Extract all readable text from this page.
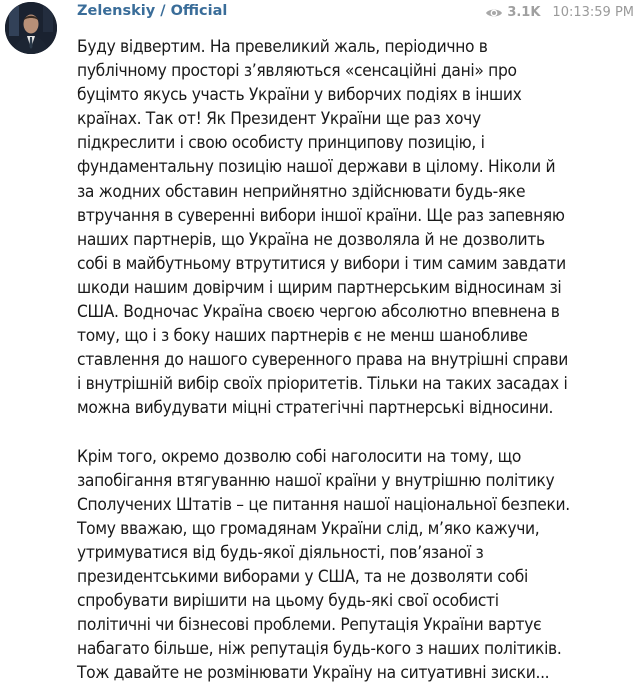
Zelenskiy / Official	3.1K 10:13:59 PM
Буду відвертим. На превеликий жаль, періодично в
публічному просторі з’являються «сенсаційні дані» про
буцімто якусь участь України у виборчих подіях в інших
країнах. Так от! Як Президент України ще раз хочу
підкреслити і свою особисту принципову позицію, і
фундаментальну позицію нашої держави в цілому. Ніколи й
за жодних обставин неприйнятно здійснювати будь-яке
втручання в суверенні вибори іншої країни. Ще раз запевняю
наших партнерів, що Україна не дозволяла й не дозволить
собі в майбутньому втрутитися у вибори і тим самим завдати
шкоди нашим довірчим і щирим партнерським відносинам зі
США. Водночас Україна своєю чергою абсолютно впевнена в
тому, що і з боку наших партнерів є не менш шанобливе
ставлення до нашого суверенного права на внутрішні справи
і внутрішній вибір своїх пріоритетів. Тільки на таких засадах і
можна вибудувати міцні стратегічні партнерські відносини.
Крім того, окремо дозволю собі наголосити на тому, що
запобігання втягуванню нашої країни у внутрішню політику
Сполучених Штатів – це питання нашої національної безпеки.
Тому вважаю, що громадянам України слід, м’яко кажучи,
утримуватися від будь-якої діяльності, пов’язаної з
президентськими виборами у США, та не дозволяти собі
спробувати вирішити на цьому будь-які свої особисті
політичні чи бізнесові проблеми. Репутація України вартує
набагато більше, ніж репутація будь-кого з наших політиків.
Тож давайте не розмінювати Україну на ситуативні зиски...
